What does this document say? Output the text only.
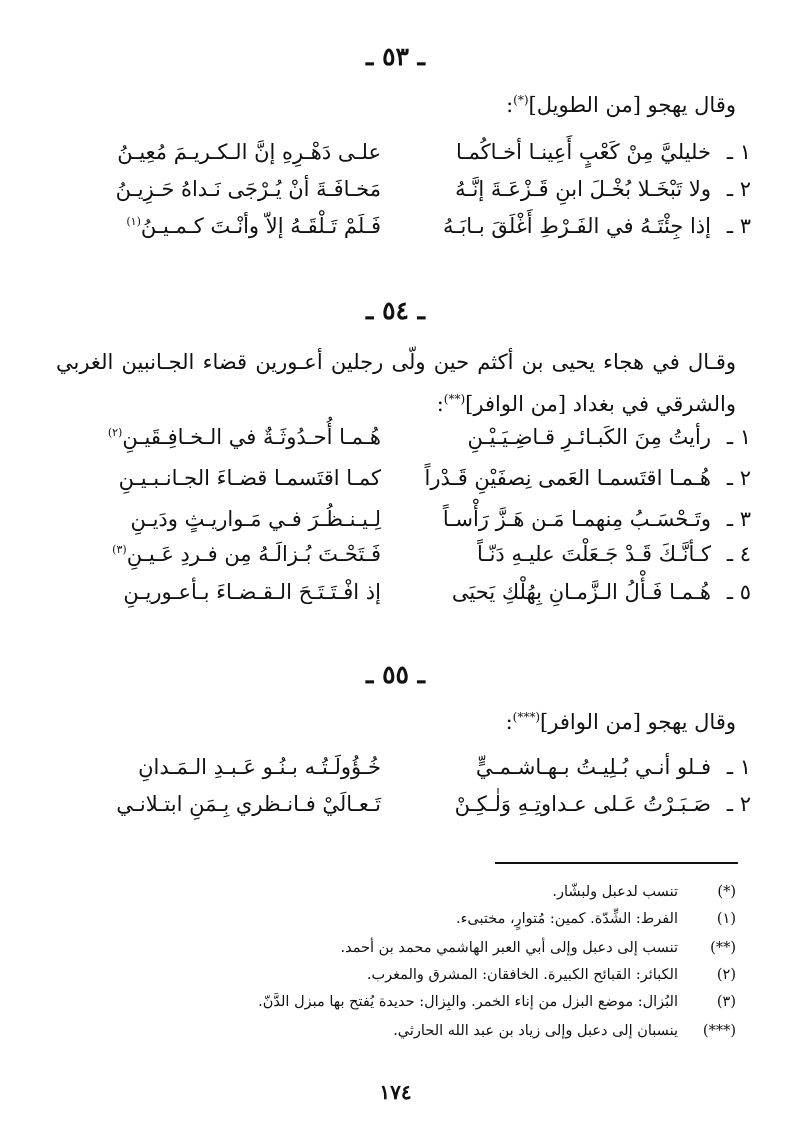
ـ ٥٣ ـ
وقال يهجو [من الطويل](*):
١ ـ
خليليَّ مِنْ كَعْبٍ أَعِينـا أخـاكُمـا
علـى دَهْـرِهِ إنَّ الـكـريـمَ مُعِيـنُ
٢ ـ
ولا تَبْخَـلا بُخْـلَ ابنِ قَـزْعَـةَ إنَّـهُ
مَخـافَـةَ أنْ يُـرْجَى نَـداهُ حَـزِيـنُ
٣ ـ
إذا جِئْتَـهُ في الفَـرْطِ أَغْلَقَ بـابَـهُ
فَـلَمْ تَـلْقَـهُ إلاّ وأنْـتَ كـمـيـنُ$^{(١)}$
ـ ٥٤ ـ
وقـال في هجاء يحيى بن أكثم حين ولّى رجلين أعـورين قضاء الجـانبين الغربي والشرقي في بغداد [من الوافر](**):
١ ـ
رأيتُ مِنَ الكَبـائـرِ قـاضِـيَـيْـنِ
هُـمـا أُحـدُوثَـةٌ في الـخـافِـقَيـنِ$^{(٢)}$
٢ ـ
هُـمـا اقتَسمـا العَمى نِصفَيْنِ قَـدْراً
كمـا اقتَسمـا قضـاءَ الجـانـبـيـنِ
٣ ـ
وتَـحْسَـبُ مِنهمـا مَـن هَـزَّ رَأْسـاً
لِـيـنـظُـرَ فـي مَـواريـثٍ ودَيـنِ
٤ ـ
كـأنَّـكَ قَـدْ جَـعَلْتَ عليـهِ دَنّـاً
فَـتَحْـتَ بُـزالَـهُ مِن فـردِ عَـيـنِ$^{(٣)}$
٥ ـ
هُـمـا فَـأْلُ الـزَّمـانِ بِهُلْكِ يَحيَى
إذ افْـتَـتَـحَ الـقـضـاءَ بـأعـوريـنِ
ـ ٥٥ ـ
وقال يهجو [من الوافر](***):
١ ـ
فـلو أنـي بُـلِيـتُ بـهـاشـمـيٍّ
خُـؤُولَـتُـه بـنُـو عَـبـدِ الـمَـدانِ
٢ ـ
صَـبَـرْتُ عَـلى عـداوتِـهِ وَلٰـكِـنْ
تَـعـالَيْ فـانـظري بِـمَنِ ابتـلانـي
(*)
تنسب لدعبل ولبشّار.
(١)
الفرط: الشِّدّة. كمين: مُتوارٍ، مختبىء.
(**)
تنسب إلى دعبل وإلى أبي العبر الهاشمي محمد بن أحمد.
(٢)
الكبائر: القبائح الكبيرة. الخافقان: المشرق والمغرب.
(٣)
البُزال: موضع البزل من إناء الخمر. والبِزال: حديدة يُفتح بها مبزل الدَّنّ.
(***)
ينسبان إلى دعبل وإلى زياد بن عبد الله الحارثي.
١٧٤
